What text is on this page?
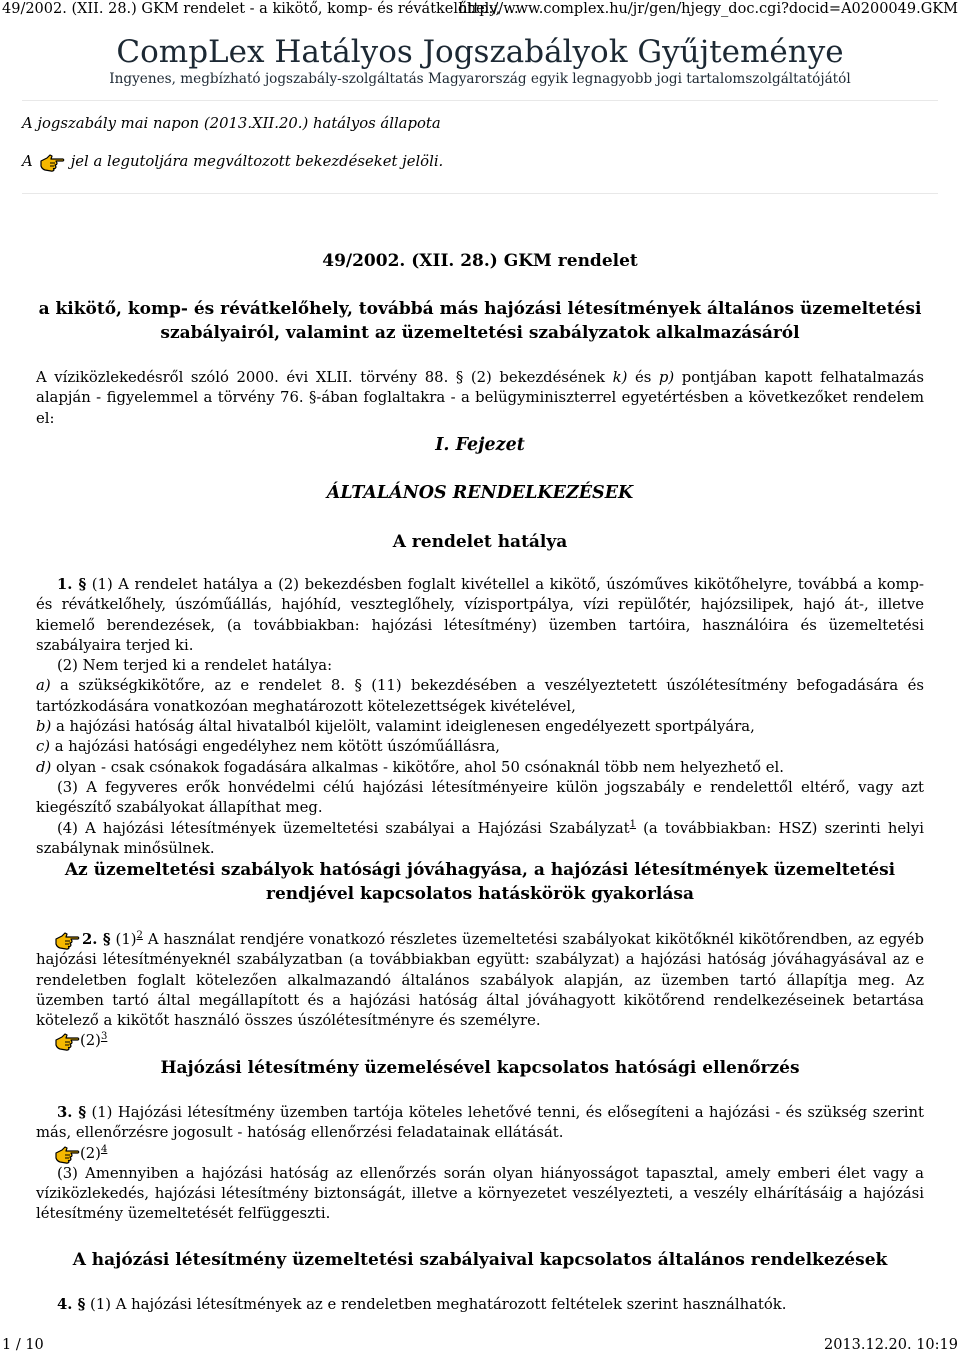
49/2002. (XII. 28.) GKM rendelet - a kikötő, komp- és révátkelőhely, ...
http://www.complex.hu/jr/gen/hjegy_doc.cgi?docid=A0200049.GKM
CompLex Hatályos Jogszabályok Gyűjteménye
Ingyenes, megbízható jogszabály-szolgáltatás Magyarország egyik legnagyobb jogi tartalomszolgáltatójától
A jogszabály mai napon (2013.XII.20.) hatályos állapota
A	jel a legutoljára megváltozott bekezdéseket jelöli.
49/2002. (XII. 28.) GKM rendelet
a kikötő, komp- és révátkelőhely, továbbá más hajózási létesítmények általános üzemeltetési szabályairól, valamint az üzemeltetési szabályzatok alkalmazásáról
A víziközlekedésről szóló 2000. évi XLII. törvény 88. § (2) bekezdésének k) és p) pontjában kapott felhatalmazás alapján - figyelemmel a törvény 76. §-ában foglaltakra - a belügyminiszterrel egyetértésben a következőket rendelem el:
I. Fejezet
ÁLTALÁNOS RENDELKEZÉSEK
A rendelet hatálya

1. § (1) A rendelet hatálya a (2) bekezdésben foglalt kivétellel a kikötő, úszóműves kikötőhelyre, továbbá a komp- és révátkelőhely, úszóműállás, hajóhíd, veszteglőhely, vízisportpálya, vízi repülőtér, hajózsilipek, hajó át-, illetve kiemelő berendezések, (a továbbiakban: hajózási létesítmény) üzemben tartóira, használóira és üzemeltetési szabályaira terjed ki.

(2) Nem terjed ki a rendelet hatálya:

a) a szükségkikötőre, az e rendelet 8. § (11) bekezdésében a veszélyeztetett úszólétesítmény befogadására és tartózkodására vonatkozóan meghatározott kötelezettségek kivételével,

b) a hajózási hatóság által hivatalból kijelölt, valamint ideiglenesen engedélyezett sportpályára,

c) a hajózási hatósági engedélyhez nem kötött úszóműállásra,

d) olyan - csak csónakok fogadására alkalmas - kikötőre, ahol 50 csónaknál több nem helyezhető el.

(3) A fegyveres erők honvédelmi célú hajózási létesítményeire külön jogszabály e rendelettől eltérő, vagy azt kiegészítő szabályokat állapíthat meg.

(4) A hajózási létesítmények üzemeltetési szabályai a Hajózási Szabályzat$^1$ (a továbbiakban: HSZ) szerinti helyi szabálynak minősülnek.

Az üzemeltetési szabályok hatósági jóváhagyása, a hajózási létesítmények üzemeltetési rendjével kapcsolatos hatáskörök gyakorlása

2. § $(1)^2$ A használat rendjére vonatkozó részletes üzemeltetési szabályokat kikötőknél kikötőrendben, az egyéb hajózási létesítményeknél szabályzatban (a továbbiakban együtt: szabályzat) a hajózási hatóság jóváhagyásával az e rendeletben foglalt kötelezően alkalmazandó általános szabályok alapján, az üzemben tartó állapítja meg. Az üzemben tartó által megállapított és a hajózási hatóság által jóváhagyott kikötőrend rendelkezéseinek betartása kötelező a kikötőt használó összes úszólétesítményre és személyre.

$(2)^3$

Hajózási létesítmény üzemelésével kapcsolatos hatósági ellenőrzés

3. § (1) Hajózási létesítmény üzemben tartója köteles lehetővé tenni, és elősegíteni a hajózási - és szükség szerint más, ellenőrzésre jogosult - hatóság ellenőrzési feladatainak ellátását.

$(2)^4$

(3) Amennyiben a hajózási hatóság az ellenőrzés során olyan hiányosságot tapasztal, amely emberi élet vagy a víziközlekedés, hajózási létesítmény biztonságát, illetve a környezetet veszélyezteti, a veszély elhárításáig a hajózási létesítmény üzemeltetését felfüggeszti.

A hajózási létesítmény üzemeltetési szabályaival kapcsolatos általános rendelkezések

4. § (1) A hajózási létesítmények az e rendeletben meghatározott feltételek szerint használhatók.

1 / 10	2013.12.20. 10:19
